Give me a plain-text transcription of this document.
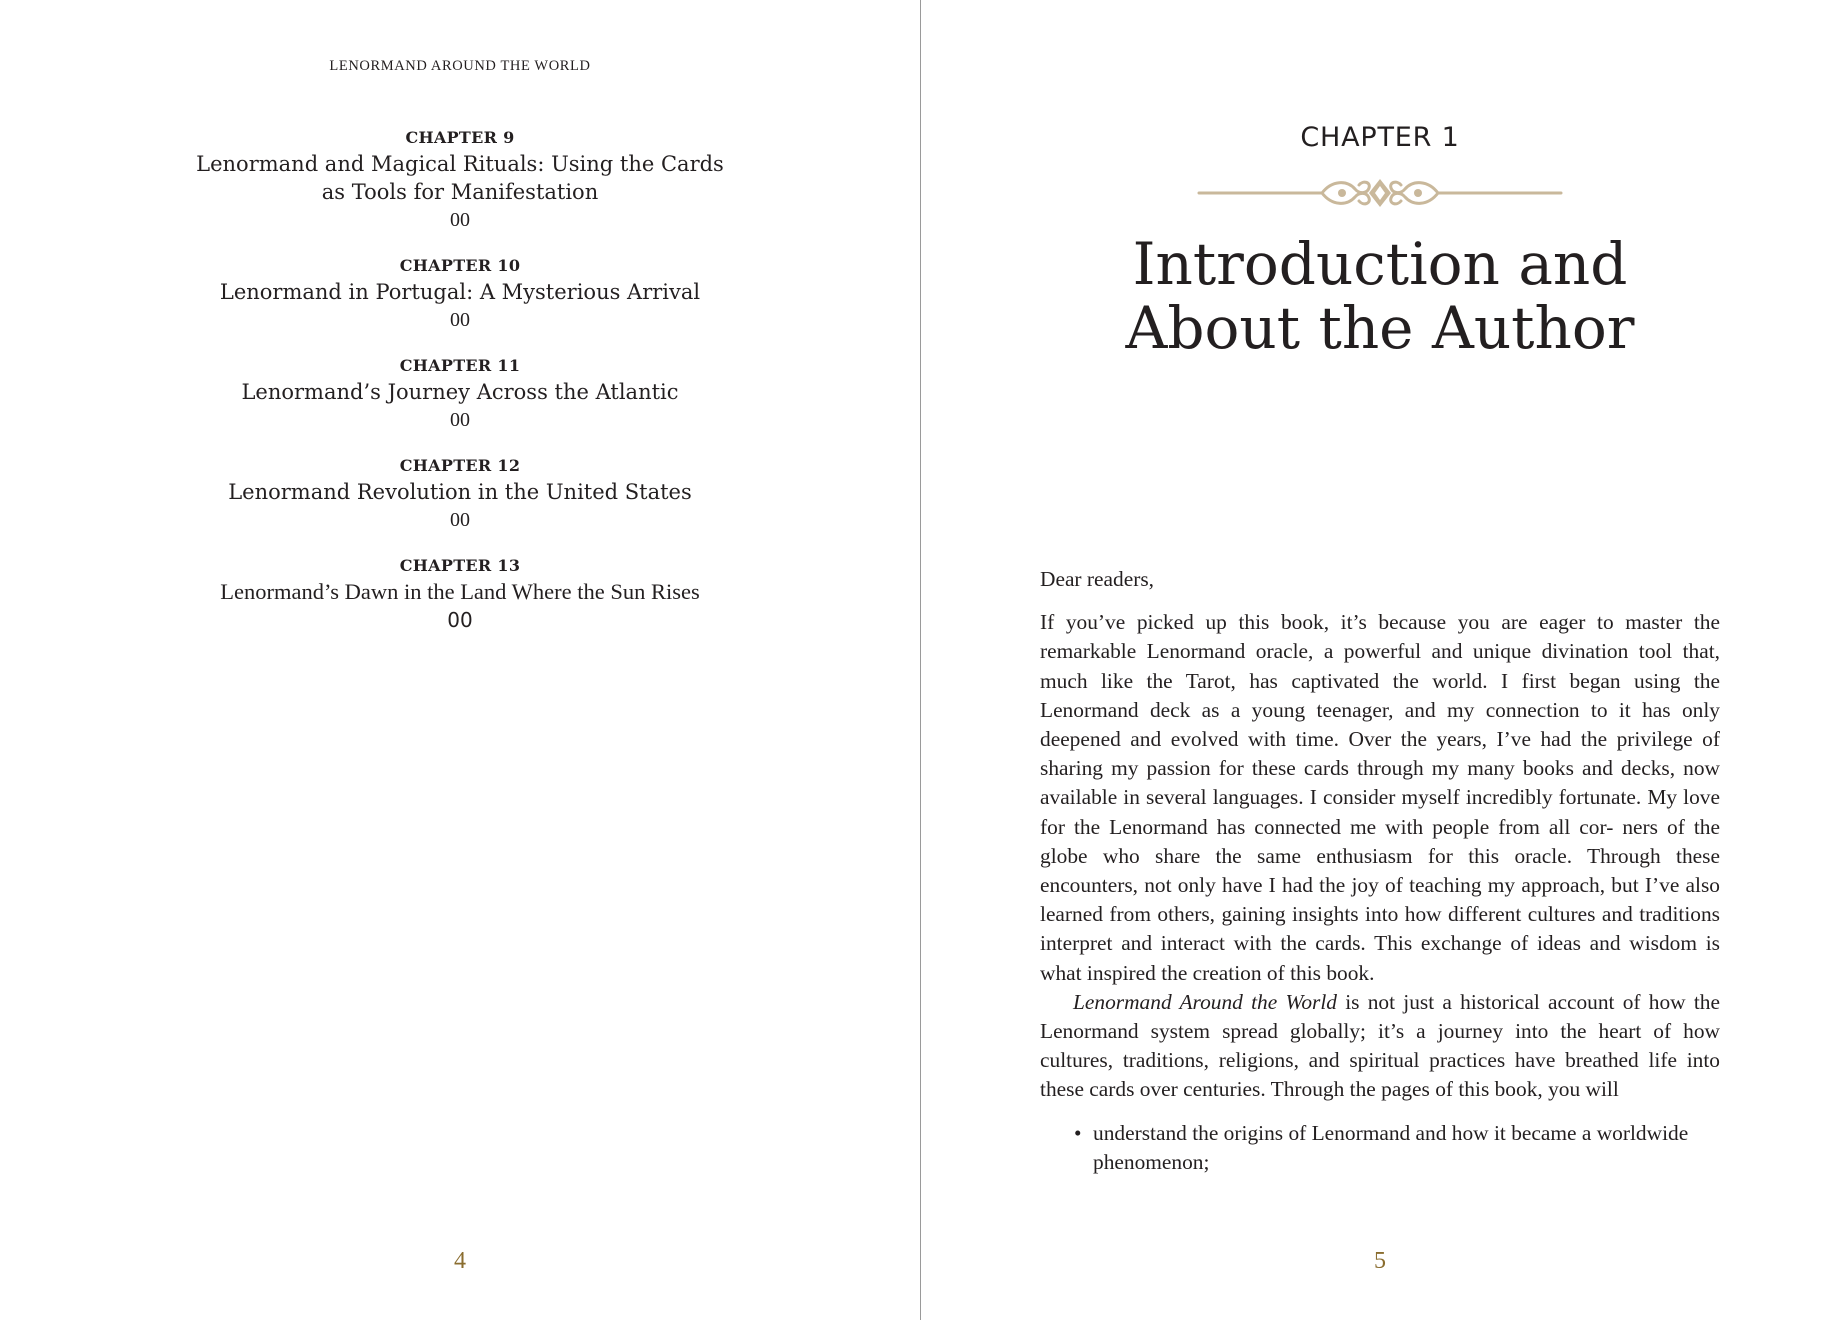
LENORMAND AROUND THE WORLD
CHAPTER 9
Lenormand and Magical Rituals: Using the Cards
as Tools for Manifestation
00
CHAPTER 10
Lenormand in Portugal: A Mysterious Arrival
00
CHAPTER 11
Lenormand’s Journey Across the Atlantic
00
CHAPTER 12
Lenormand Revolution in the United States
00
CHAPTER 13
Lenormand’s Dawn in the Land Where the Sun Rises
00
4
CHAPTER 1
Introduction and
About the Author

Dear readers,

If you’ve picked up this book, it’s because you are eager to master the remarkable Lenormand oracle, a powerful and unique divination tool that, much like the Tarot, has captivated the world. I first began using the Lenormand deck as a young teenager, and my connection to it has only deepened and evolved with time. Over the years, I’ve had the privilege of sharing my passion for these cards through my many books and decks, now available in several languages. I consider myself incredibly fortunate. My love for the Lenormand has connected me with people from all cor- ners of the globe who share the same enthusiasm for this oracle. Through these encounters, not only have I had the joy of teaching my approach, but I’ve also learned from others, gaining insights into how different cultures and traditions interpret and interact with the cards. This exchange of ideas and wisdom is what inspired the creation of this book.

Lenormand Around the World is not just a historical account of how the Lenormand system spread globally; it’s a journey into the heart of how cultures, traditions, religions, and spiritual practices have breathed life into these cards over centuries. Through the pages of this book, you will

• understand the origins of Lenormand and how it became a worldwide phenomenon;
5
